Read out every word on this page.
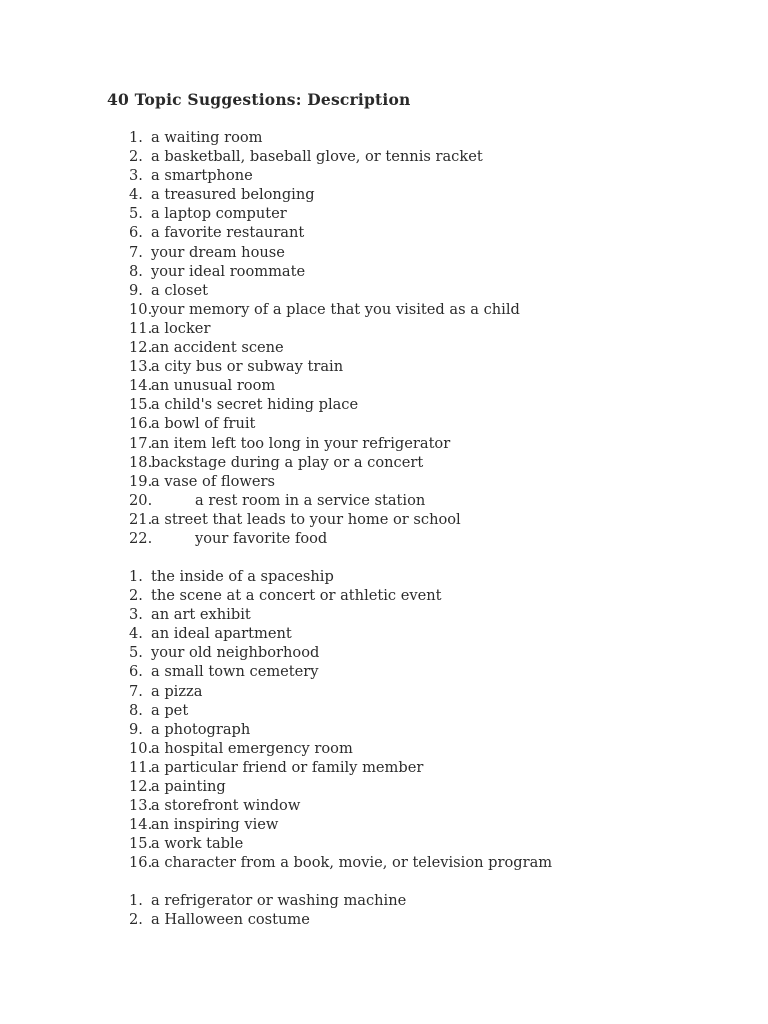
40 Topic Suggestions: Description
1. a waiting room
2. a basketball, baseball glove, or tennis racket
3. a smartphone
4. a treasured belonging
5. a laptop computer
6. a favorite restaurant
7. your dream house
8. your ideal roommate
9. a closet
10.
your memory of a place that you visited as a child
11.
a locker
12.
an accident scene
13.
a city bus or subway train
14.
an unusual room
15.
a child's secret hiding place
16.
a bowl of fruit
17.
an item left too long in your refrigerator
18.
backstage during a play or a concert
19.
a vase of flowers
20.	a rest room in a service station
21.
a street that leads to your home or school
22.	your favorite food
1. the inside of a spaceship
2. the scene at a concert or athletic event
3. an art exhibit
4. an ideal apartment
5. your old neighborhood
6. a small town cemetery
7. a pizza
8. a pet
9. a photograph
10.
a hospital emergency room
11.
a particular friend or family member
12.
a painting
13.
a storefront window
14.
an inspiring view
15.
a work table
16.
a character from a book, movie, or television program
1. a refrigerator or washing machine
2. a Halloween costume
